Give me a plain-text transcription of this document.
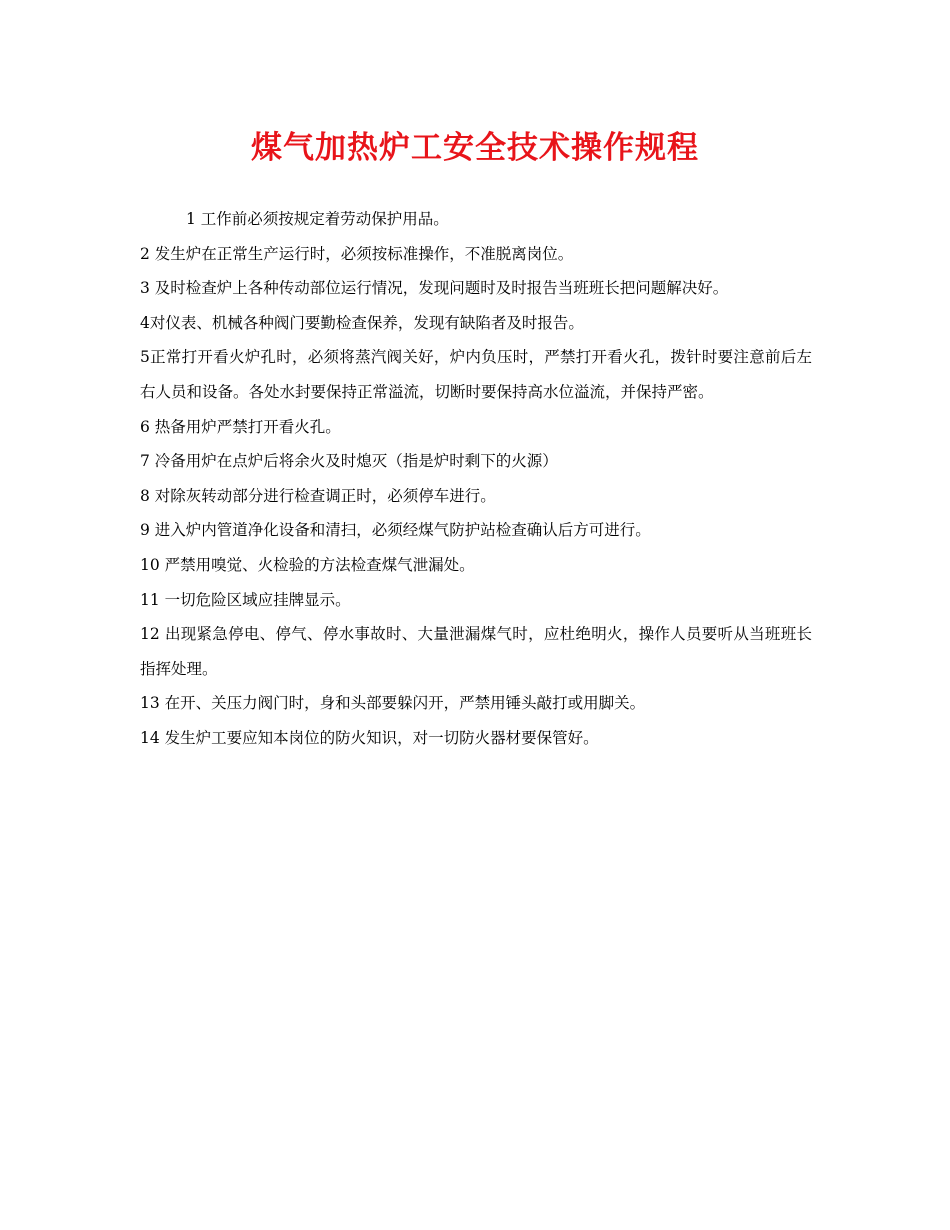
煤气加热炉工安全技术操作规程

1 工作前必须按规定着劳动保护用品。

2 发生炉在正常生产运行时，必须按标准操作，不准脱离岗位。

3 及时检查炉上各种传动部位运行情况，发现问题时及时报告当班班长把问题解决好。

4对仪表、机械各种阀门要勤检查保养，发现有缺陷者及时报告。

5正常打开看火炉孔时，必须将蒸汽阀关好，炉内负压时，严禁打开看火孔，拨针时要注意前后左右人员和设备。各处水封要保持正常溢流，切断时要保持高水位溢流，并保持严密。

6 热备用炉严禁打开看火孔。

7 冷备用炉在点炉后将余火及时熄灭（指是炉时剩下的火源）

8 对除灰转动部分进行检查调正时，必须停车进行。

9 进入炉内管道净化设备和清扫，必须经煤气防护站检查确认后方可进行。

10 严禁用嗅觉、火检验的方法检查煤气泄漏处。

11 一切危险区域应挂牌显示。

12 出现紧急停电、停气、停水事故时、大量泄漏煤气时，应杜绝明火，操作人员要听从当班班长指挥处理。

13 在开、关压力阀门时，身和头部要躲闪开，严禁用锤头敲打或用脚关。

14 发生炉工要应知本岗位的防火知识，对一切防火器材要保管好。
